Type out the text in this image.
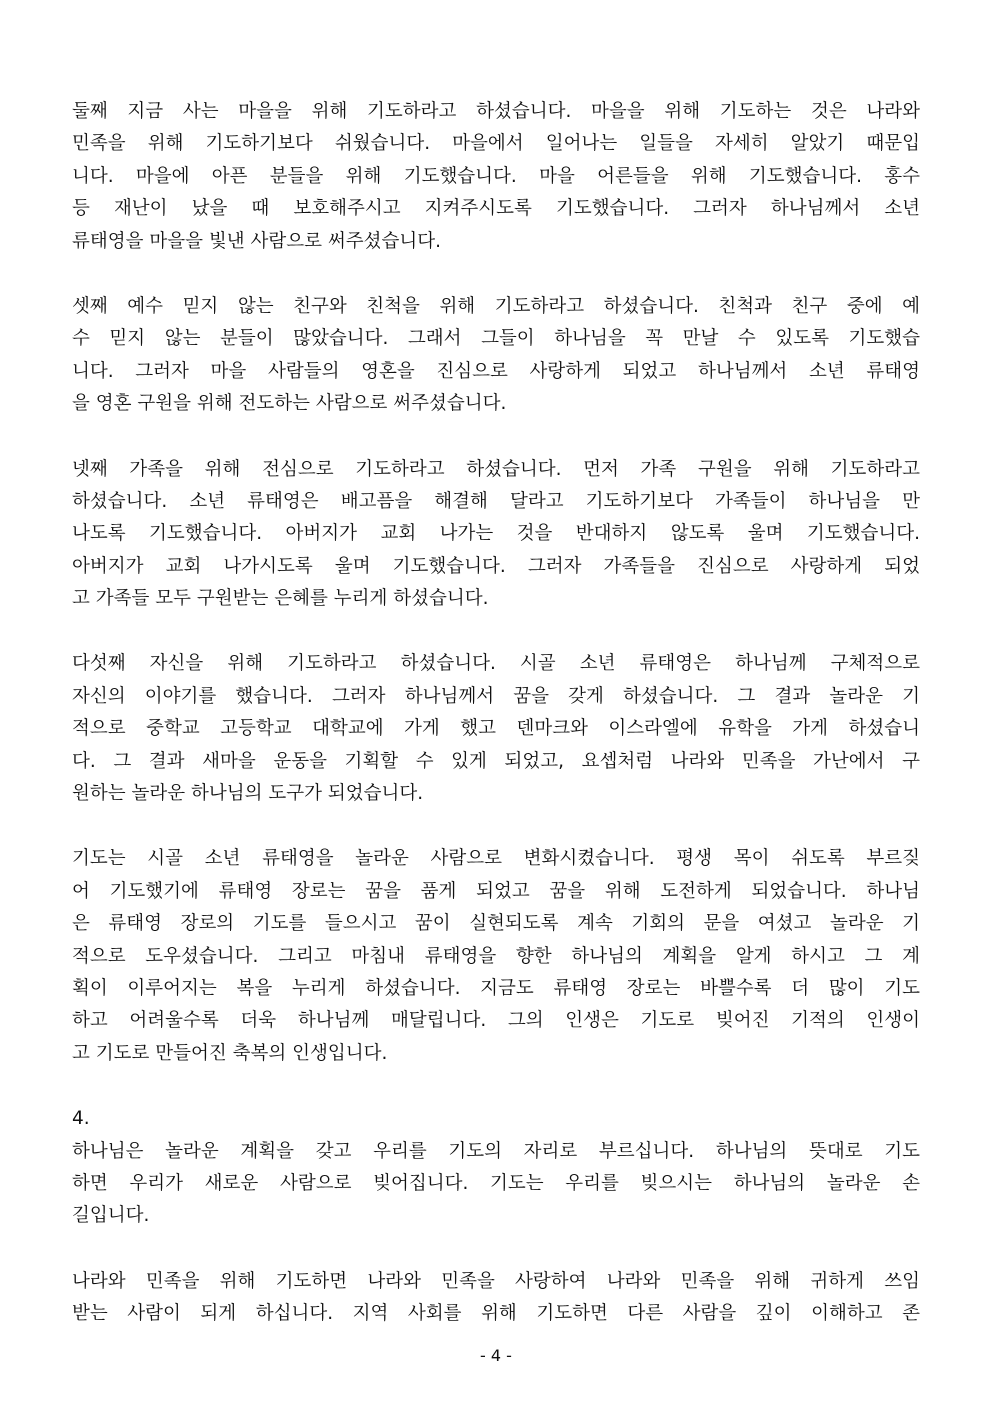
둘째 지금 사는 마을을 위해 기도하라고 하셨습니다. 마을을 위해 기도하는 것은 나라와
민족을 위해 기도하기보다 쉬웠습니다. 마을에서 일어나는 일들을 자세히 알았기 때문입
니다. 마을에 아픈 분들을 위해 기도했습니다. 마을 어른들을 위해 기도했습니다. 홍수
등 재난이 났을 때 보호해주시고 지켜주시도록 기도했습니다. 그러자 하나님께서 소년
류태영을 마을을 빛낸 사람으로 써주셨습니다.
셋째 예수 믿지 않는 친구와 친척을 위해 기도하라고 하셨습니다. 친척과 친구 중에 예
수 믿지 않는 분들이 많았습니다. 그래서 그들이 하나님을 꼭 만날 수 있도록 기도했습
니다. 그러자 마을 사람들의 영혼을 진심으로 사랑하게 되었고 하나님께서 소년 류태영
을 영혼 구원을 위해 전도하는 사람으로 써주셨습니다.
넷째 가족을 위해 전심으로 기도하라고 하셨습니다. 먼저 가족 구원을 위해 기도하라고
하셨습니다. 소년 류태영은 배고픔을 해결해 달라고 기도하기보다 가족들이 하나님을 만
나도록 기도했습니다. 아버지가 교회 나가는 것을 반대하지 않도록 울며 기도했습니다.
아버지가 교회 나가시도록 울며 기도했습니다. 그러자 가족들을 진심으로 사랑하게 되었
고 가족들 모두 구원받는 은혜를 누리게 하셨습니다.
다섯째 자신을 위해 기도하라고 하셨습니다. 시골 소년 류태영은 하나님께 구체적으로
자신의 이야기를 했습니다. 그러자 하나님께서 꿈을 갖게 하셨습니다. 그 결과 놀라운 기
적으로 중학교 고등학교 대학교에 가게 했고 덴마크와 이스라엘에 유학을 가게 하셨습니
다. 그 결과 새마을 운동을 기획할 수 있게 되었고, 요셉처럼 나라와 민족을 가난에서 구
원하는 놀라운 하나님의 도구가 되었습니다.
기도는 시골 소년 류태영을 놀라운 사람으로 변화시켰습니다. 평생 목이 쉬도록 부르짖
어 기도했기에 류태영 장로는 꿈을 품게 되었고 꿈을 위해 도전하게 되었습니다. 하나님
은 류태영 장로의 기도를 들으시고 꿈이 실현되도록 계속 기회의 문을 여셨고 놀라운 기
적으로 도우셨습니다. 그리고 마침내 류태영을 향한 하나님의 계획을 알게 하시고 그 계
획이 이루어지는 복을 누리게 하셨습니다. 지금도 류태영 장로는 바쁠수록 더 많이 기도
하고 어려울수록 더욱 하나님께 매달립니다. 그의 인생은 기도로 빚어진 기적의 인생이
고 기도로 만들어진 축복의 인생입니다.
4.
하나님은 놀라운 계획을 갖고 우리를 기도의 자리로 부르십니다. 하나님의 뜻대로 기도
하면 우리가 새로운 사람으로 빚어집니다. 기도는 우리를 빚으시는 하나님의 놀라운 손
길입니다.
나라와 민족을 위해 기도하면 나라와 민족을 사랑하여 나라와 민족을 위해 귀하게 쓰임
받는 사람이 되게 하십니다. 지역 사회를 위해 기도하면 다른 사람을 깊이 이해하고 존
- 4 -
